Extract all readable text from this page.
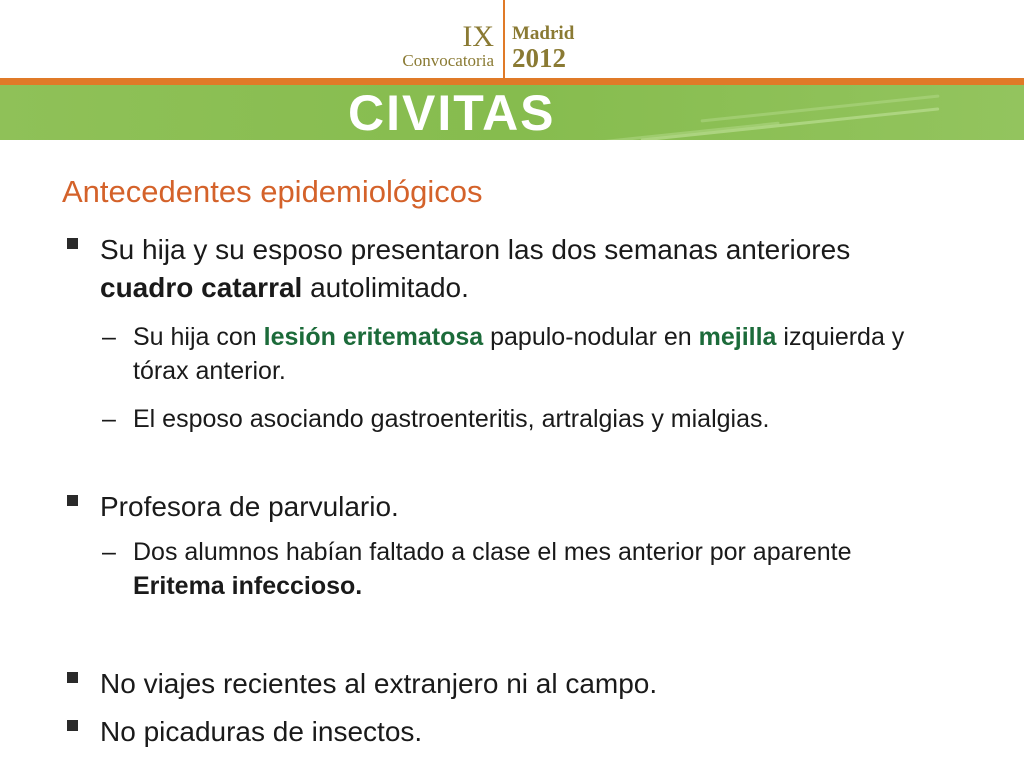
IX
Convocatoria
Madrid
2012
CIVITAS
Antecedentes epidemiológicos
Su hija y su esposo presentaron las dos semanas anteriores cuadro catarral autolimitado.
– Su hija con lesión eritematosa papulo-nodular en mejilla izquierda y tórax anterior.
– El esposo asociando gastroenteritis, artralgias y mialgias.
Profesora de parvulario.
– Dos alumnos habían faltado a clase el mes anterior por aparente Eritema infeccioso.
No viajes recientes al extranjero ni al campo.
No picaduras de insectos.
